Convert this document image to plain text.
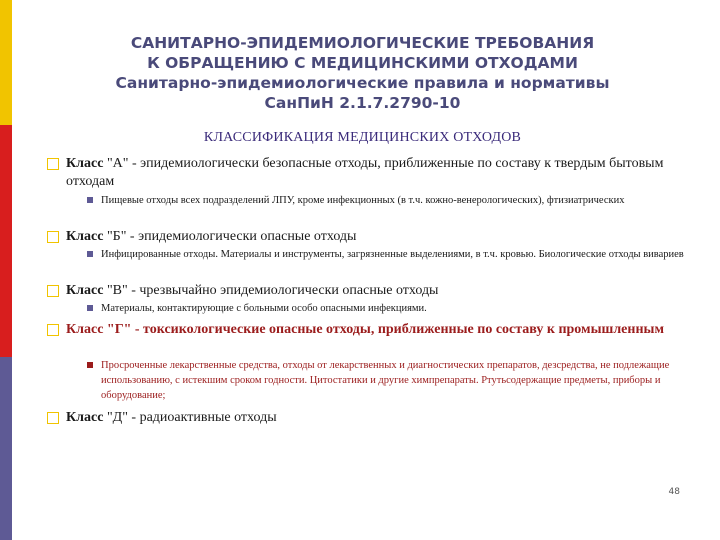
САНИТАРНО-ЭПИДЕМИОЛОГИЧЕСКИЕ ТРЕБОВАНИЯ
К ОБРАЩЕНИЮ С МЕДИЦИНСКИМИ ОТХОДАМИ
Санитарно-эпидемиологические правила и нормативы
СанПиН 2.1.7.2790-10
КЛАССИФИКАЦИЯ МЕДИЦИНСКИХ ОТХОДОВ
Класс "А" - эпидемиологически безопасные отходы, приближенные по составу к твердым бытовым отходам
Пищевые отходы всех подразделений ЛПУ, кроме инфекционных (в т.ч. кожно-венерологических), фтизиатрических
Класс "Б" - эпидемиологически опасные отходы
Инфицированные отходы. Материалы и инструменты, загрязненные выделениями, в т.ч. кровью. Биологические отходы вивариев
Класс "В" - чрезвычайно эпидемиологически опасные отходы
Материалы, контактирующие с больными особо опасными инфекциями.
Класс "Г" - токсикологические опасные отходы, приближенные по составу к промышленным
Просроченные лекарственные средства, отходы от лекарственных и диагностических препаратов, дезсредства, не подлежащие использованию, с истекшим сроком годности. Цитостатики и другие химпрепараты. Ртутьсодержащие предметы, приборы и оборудование;
Класс "Д" - радиоактивные отходы
48
